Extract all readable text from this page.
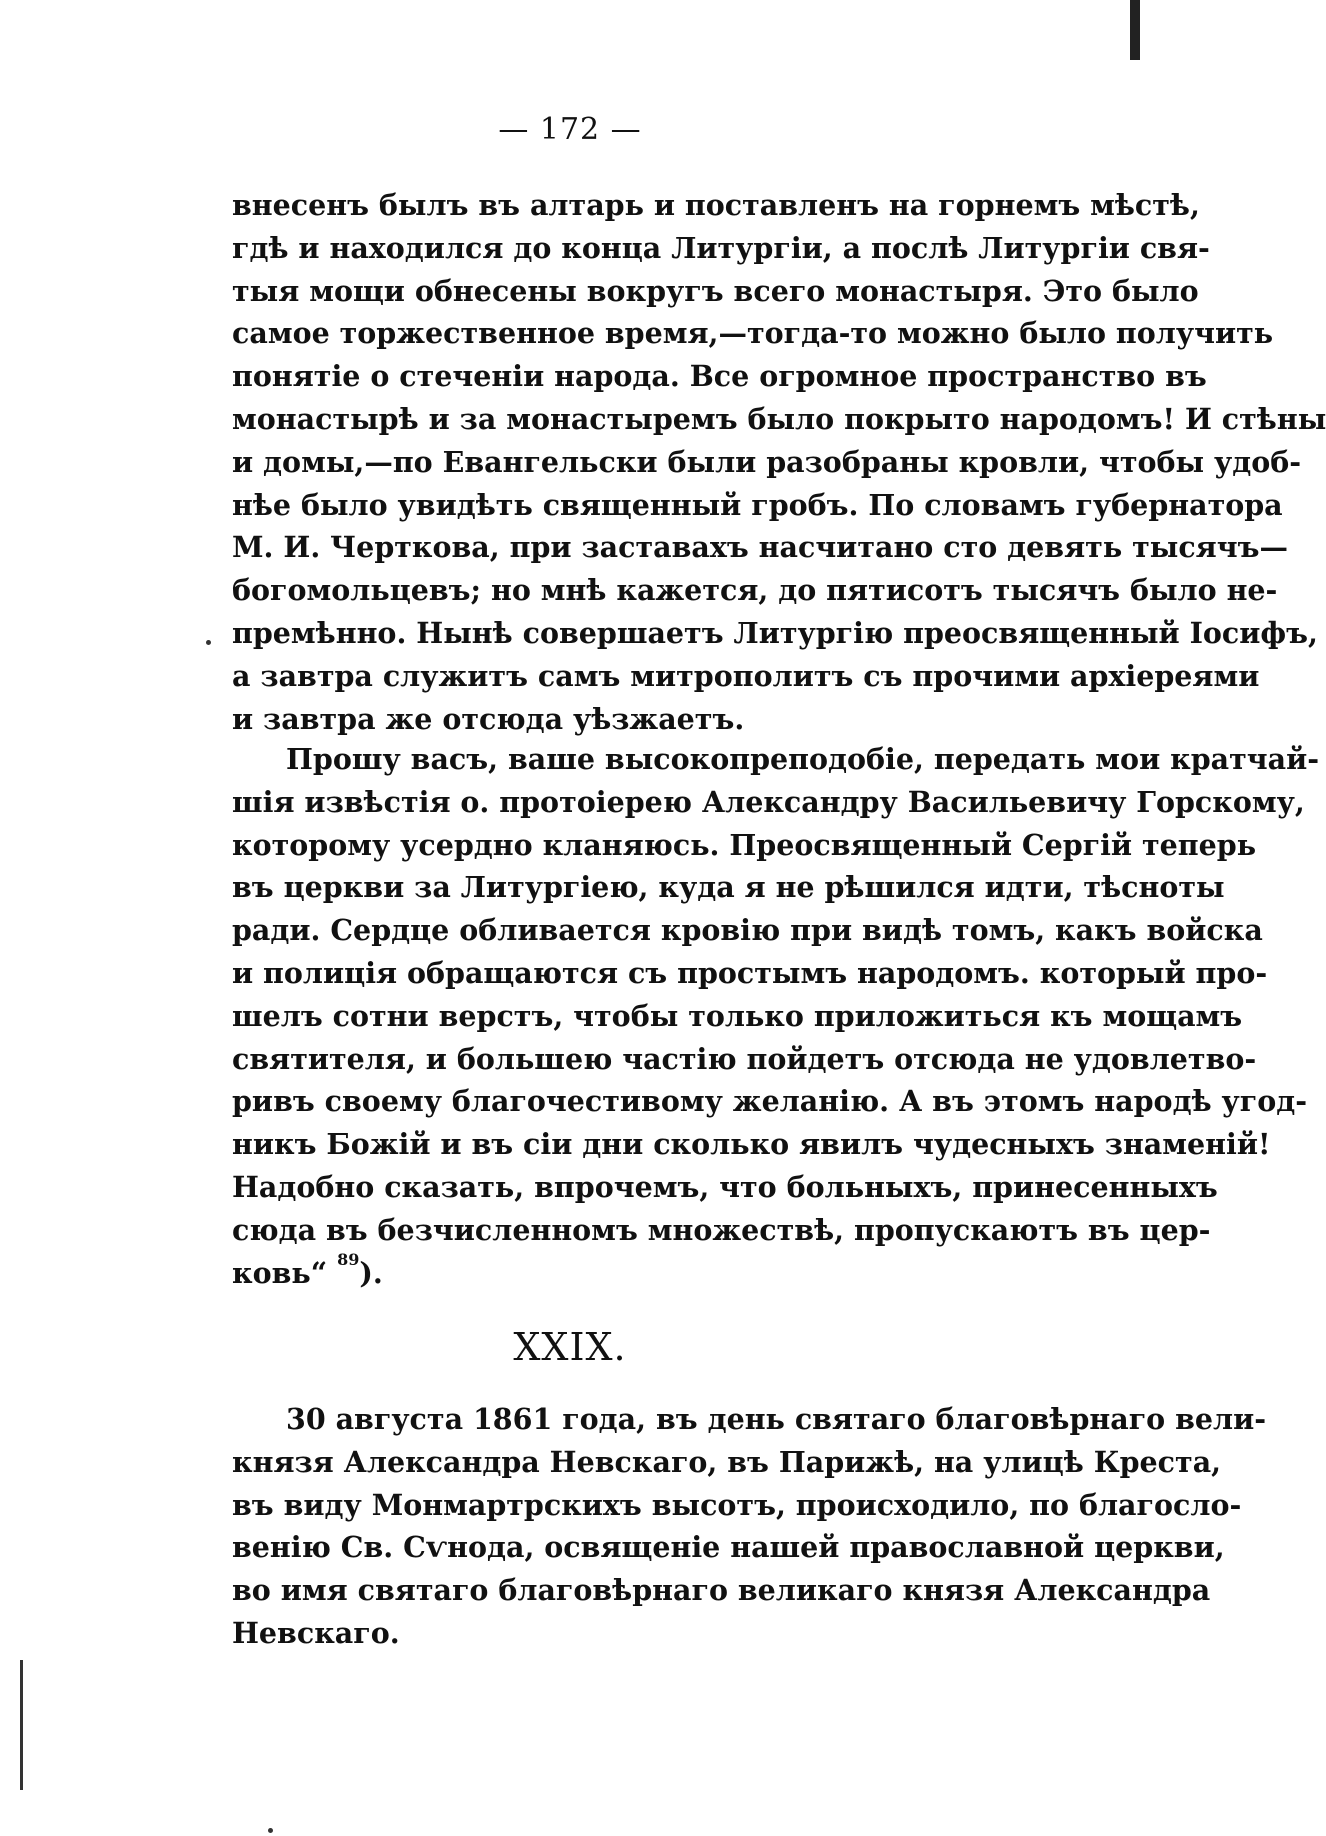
— 172 —
внесенъ былъ въ алтарь и поставленъ на горнемъ мѣстѣ,
гдѣ и находился до конца Литургiи, а послѣ Литургiи свя-
тыя мощи обнесены вокругъ всего монастыря. Это было
самое торжественное время,—тогда-то можно было получить
понятiе о стеченiи народа. Все огромное пространство въ
монастырѣ и за монастыремъ было покрыто народомъ! И стѣны
и домы,—по Евангельски были разобраны кровли, чтобы удоб-
нѣе было увидѣть священный гробъ. По словамъ губернатора
М. И. Черткова, при заставахъ насчитано сто девять тысячъ—
богомольцевъ; но мнѣ кажется, до пятисотъ тысячъ было не-
премѣнно. Нынѣ совершаетъ Литургiю преосвященный Iосифъ,
а завтра служитъ самъ митрополитъ съ прочими архiереями
и завтра же отсюда уѣзжаетъ.
Прошу васъ, ваше высокопреподобiе, передать мои кратчай-
шiя извѣстiя о. протоiерею Александру Васильевичу Горскому,
которому усердно кланяюсь. Преосвященный Сергiй теперь
въ церкви за Литургiею, куда я не рѣшился идти, тѣсноты
ради. Сердце обливается кровiю при видѣ томъ, какъ войска
и полицiя обращаются съ простымъ народомъ. который про-
шелъ сотни верстъ, чтобы только приложиться къ мощамъ
святителя, и большею частiю пойдетъ отсюда не удовлетво-
ривъ своему благочестивому желанiю. А въ этомъ народѣ угод-
никъ Божiй и въ сiи дни сколько явилъ чудесныхъ знаменiй!
Надобно сказать, впрочемъ, что больныхъ, принесенныхъ
сюда въ безчисленномъ множествѣ, пропускаютъ въ цер-
ковь“ $^{89}$).
XXIX.
30 августа 1861 года, въ день святаго благовѣрнаго вели-
князя Александра Невскаго, въ Парижѣ, на улицѣ Креста,
въ виду Монмартрскихъ высотъ, происходило, по благосло-
венiю Св. Сѵнода, освященiе нашей православной церкви,
во имя святаго благовѣрнаго великаго князя Александра
Невскаго.
